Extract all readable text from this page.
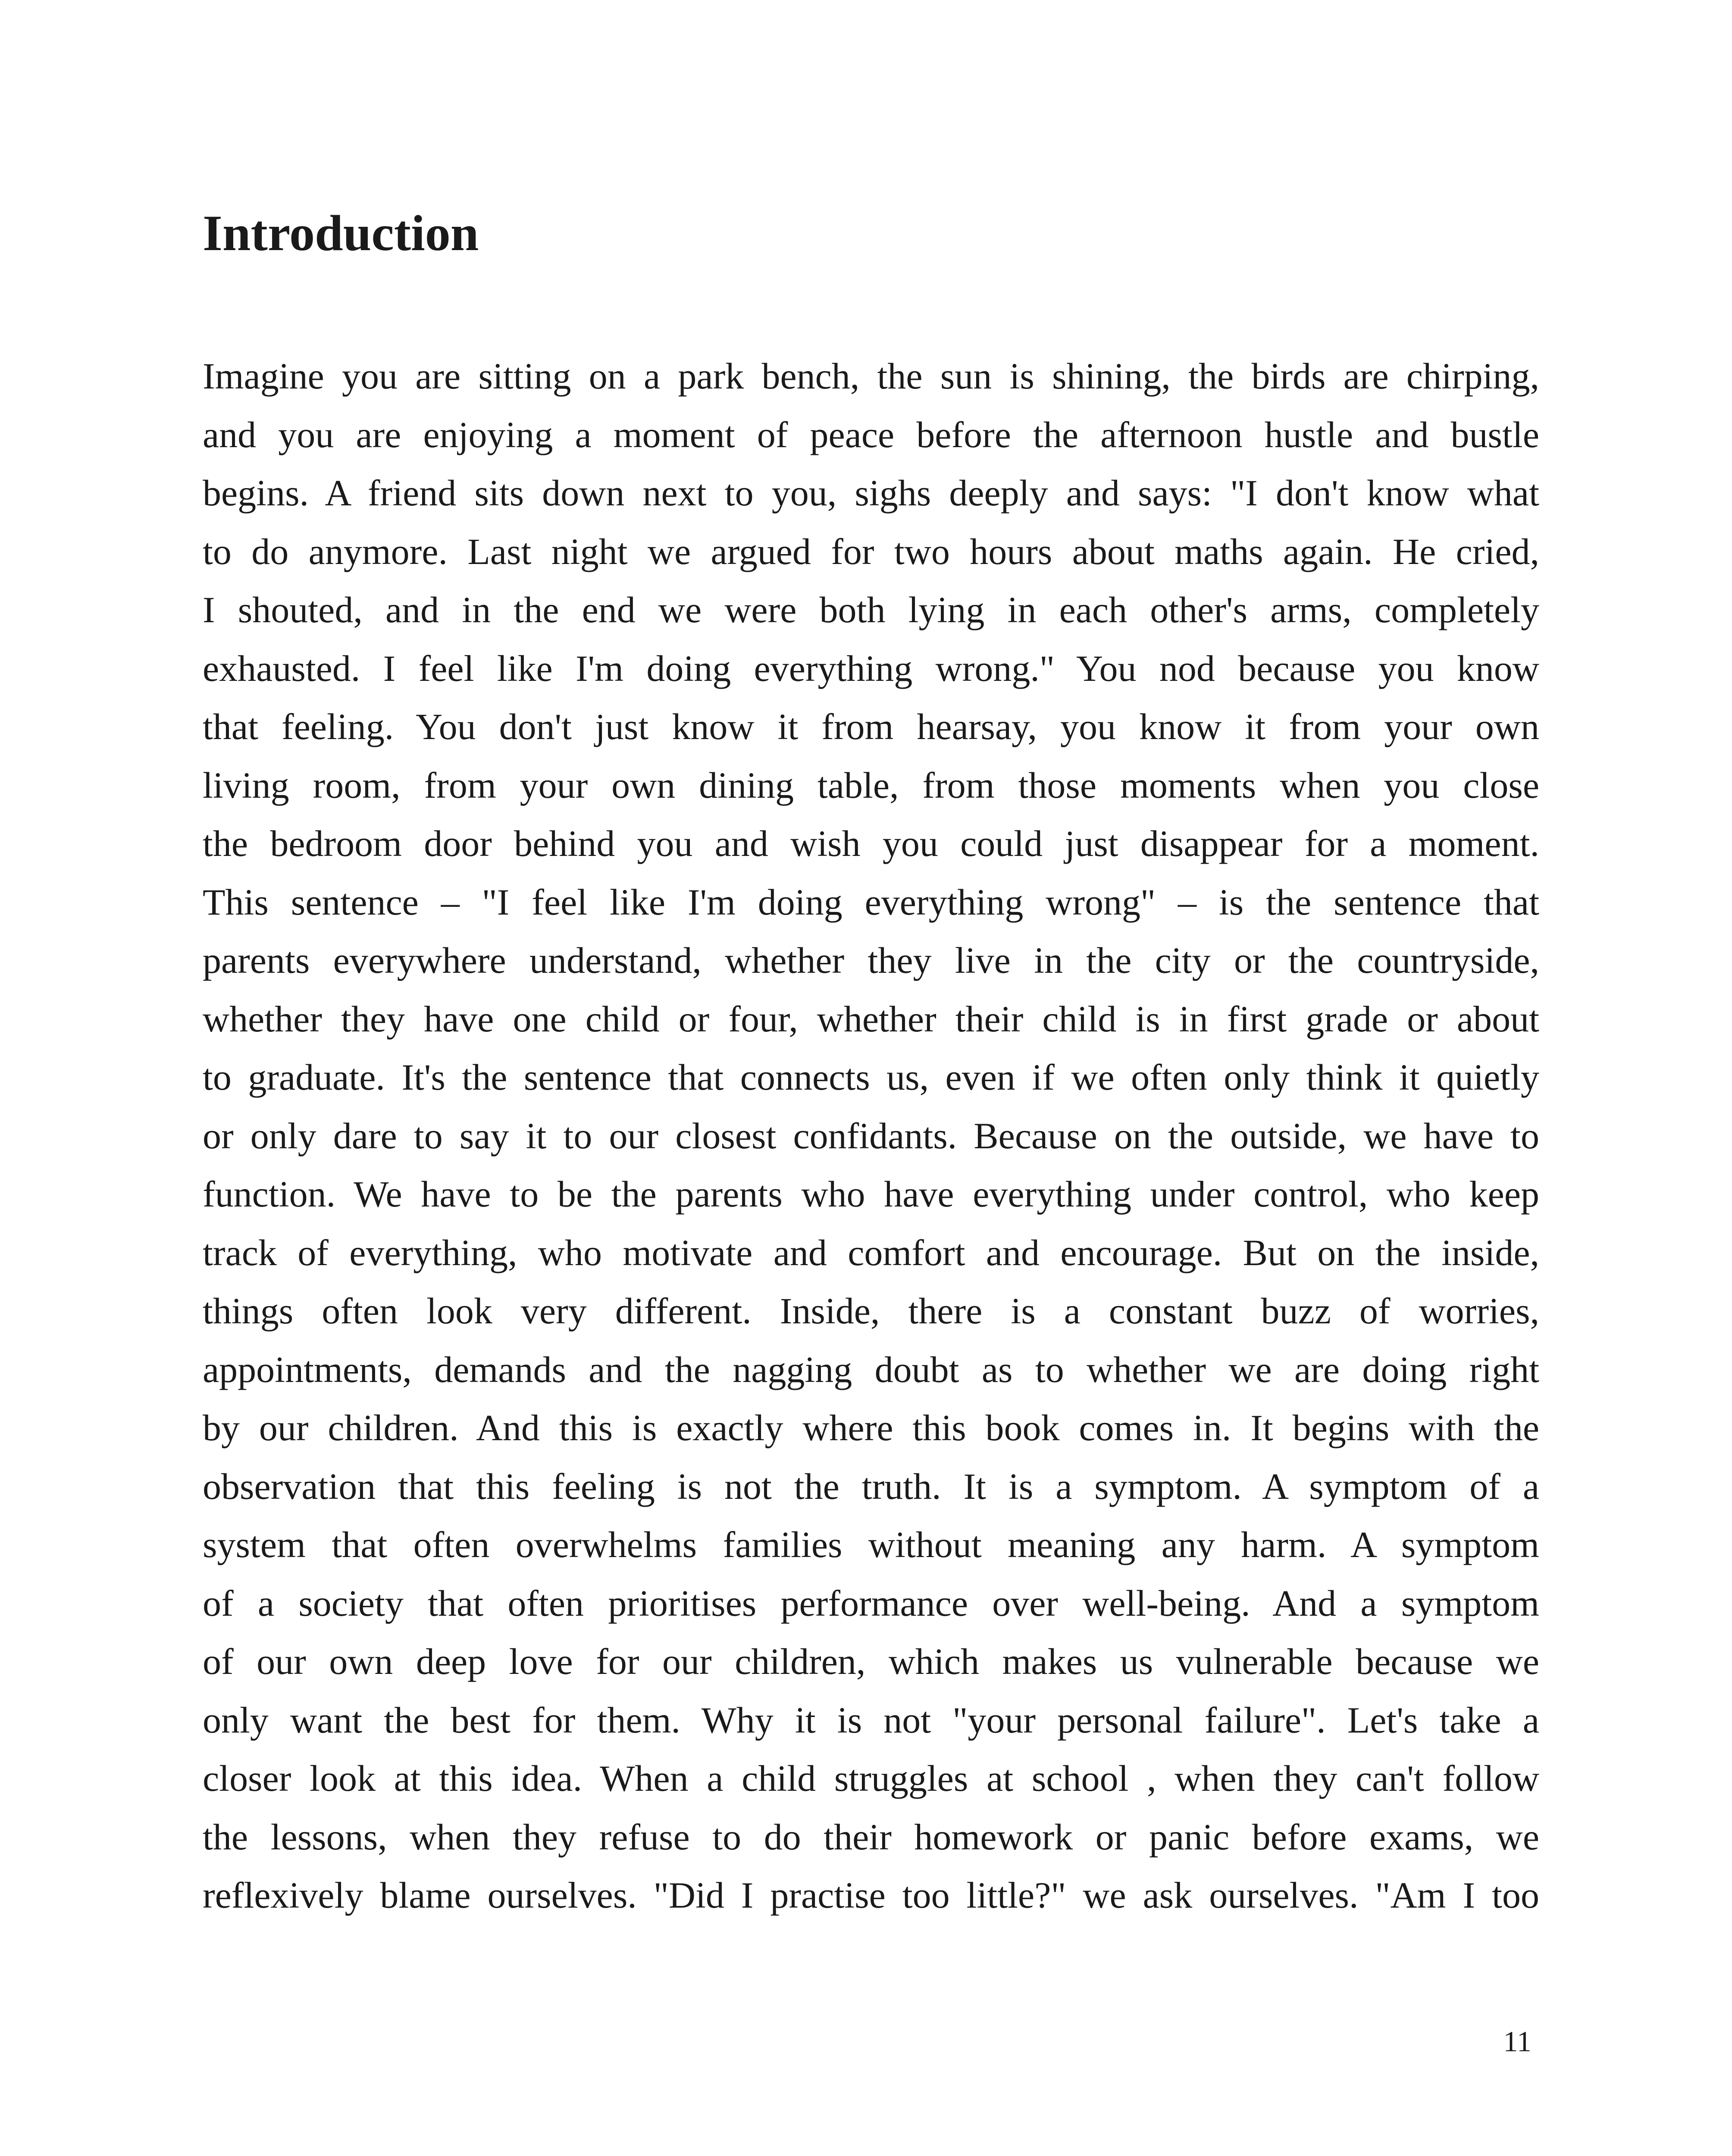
Introduction
Imagine you are sitting on a park bench, the sun is shining, the birds are chirping,
and you are enjoying a moment of peace before the afternoon hustle and bustle
begins. A friend sits down next to you, sighs deeply and says: "I don't know what
to do anymore. Last night we argued for two hours about maths again. He cried,
I shouted, and in the end we were both lying in each other's arms, completely
exhausted. I feel like I'm doing everything wrong." You nod because you know
that feeling. You don't just know it from hearsay, you know it from your own
living room, from your own dining table, from those moments when you close
the bedroom door behind you and wish you could just disappear for a moment.
This sentence – "I feel like I'm doing everything wrong" – is the sentence that
parents everywhere understand, whether they live in the city or the countryside,
whether they have one child or four, whether their child is in first grade or about
to graduate. It's the sentence that connects us, even if we often only think it quietly
or only dare to say it to our closest confidants. Because on the outside, we have to
function. We have to be the parents who have everything under control, who keep
track of everything, who motivate and comfort and encourage. But on the inside,
things often look very different. Inside, there is a constant buzz of worries,
appointments, demands and the nagging doubt as to whether we are doing right
by our children. And this is exactly where this book comes in. It begins with the
observation that this feeling is not the truth. It is a symptom. A symptom of a
system that often overwhelms families without meaning any harm. A symptom
of a society that often prioritises performance over well-being. And a symptom
of our own deep love for our children, which makes us vulnerable because we
only want the best for them. Why it is not "your personal failure". Let's take a
closer look at this idea. When a child struggles at school , when they can't follow
the lessons, when they refuse to do their homework or panic before exams, we
reflexively blame ourselves. "Did I practise too little?" we ask ourselves. "Am I too

11
